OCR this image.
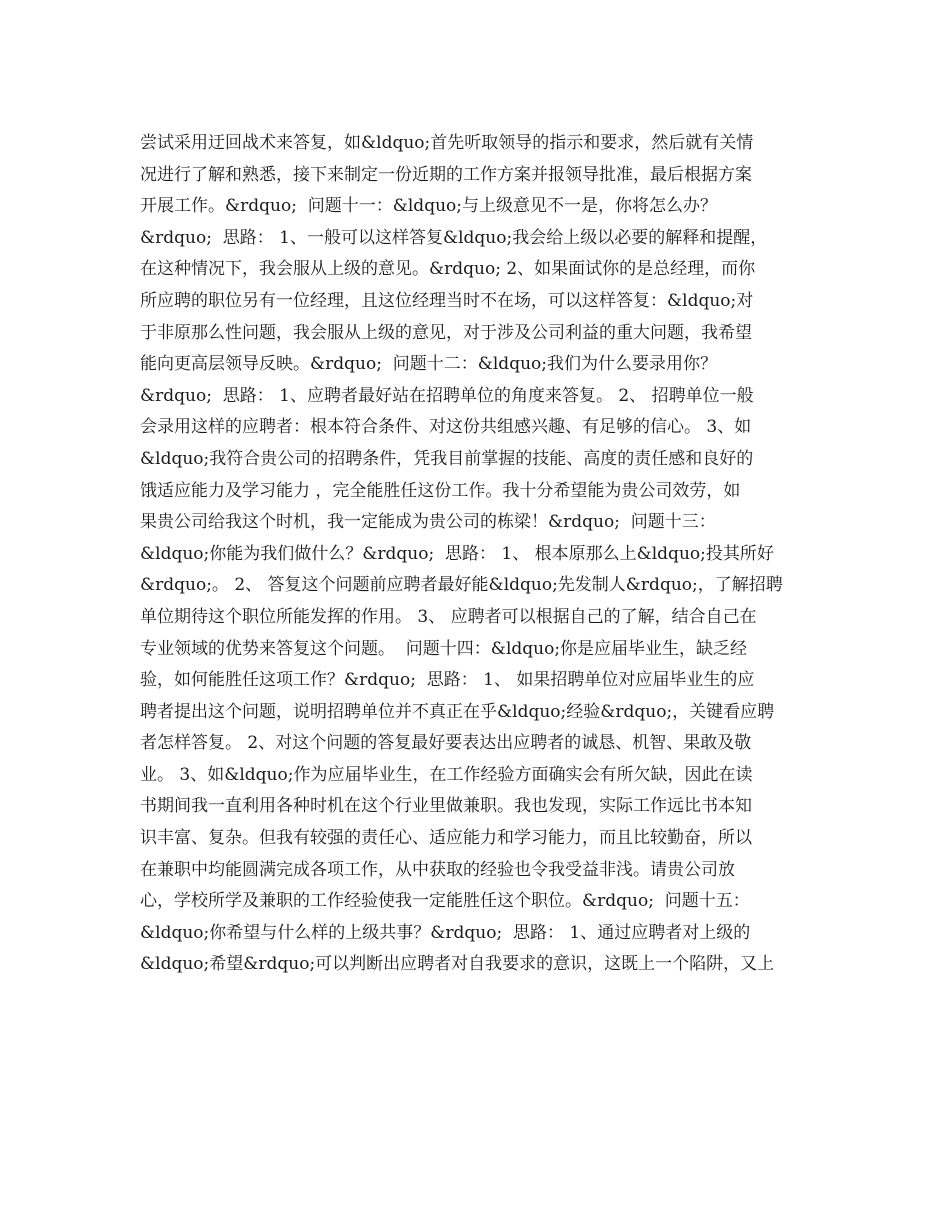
尝试采用迂回战术来答复，如&ldquo;首先听取领导的指示和要求，然后就有关情
况进行了解和熟悉，接下来制定一份近期的工作方案并报领导批准，最后根据方案
开展工作。&rdquo;  问题十一：&ldquo;与上级意见不一是，你将怎么办？
&rdquo;  思路： 1、一般可以这样答复&ldquo;我会给上级以必要的解释和提醒，
在这种情况下，我会服从上级的意见。&rdquo; 2、如果面试你的是总经理，而你
所应聘的职位另有一位经理，且这位经理当时不在场，可以这样答复：&ldquo;对
于非原那么性问题，我会服从上级的意见，对于涉及公司利益的重大问题，我希望
能向更高层领导反映。&rdquo;  问题十二：&ldquo;我们为什么要录用你？
&rdquo;  思路： 1、应聘者最好站在招聘单位的角度来答复。 2、 招聘单位一般
会录用这样的应聘者：根本符合条件、对这份共组感兴趣、有足够的信心。 3、如
&ldquo;我符合贵公司的招聘条件，凭我目前掌握的技能、高度的责任感和良好的
饿适应能力及学习能力 ，完全能胜任这份工作。我十分希望能为贵公司效劳，如
果贵公司给我这个时机，我一定能成为贵公司的栋梁！&rdquo;  问题十三：
&ldquo;你能为我们做什么？&rdquo;  思路： 1、 根本原那么上&ldquo;投其所好
&rdquo;。 2、 答复这个问题前应聘者最好能&ldquo;先发制人&rdquo;，了解招聘
单位期待这个职位所能发挥的作用。 3、 应聘者可以根据自己的了解，结合自己在
专业领域的优势来答复这个问题。  问题十四：&ldquo;你是应届毕业生，缺乏经
验，如何能胜任这项工作？&rdquo;  思路： 1、 如果招聘单位对应届毕业生的应
聘者提出这个问题，说明招聘单位并不真正在乎&ldquo;经验&rdquo;，关键看应聘
者怎样答复。 2、对这个问题的答复最好要表达出应聘者的诚恳、机智、果敢及敬
业。 3、如&ldquo;作为应届毕业生，在工作经验方面确实会有所欠缺，因此在读
书期间我一直利用各种时机在这个行业里做兼职。我也发现，实际工作远比书本知
识丰富、复杂。但我有较强的责任心、适应能力和学习能力，而且比较勤奋，所以
在兼职中均能圆满完成各项工作，从中获取的经验也令我受益非浅。请贵公司放
心，学校所学及兼职的工作经验使我一定能胜任这个职位。&rdquo;  问题十五：
&ldquo;你希望与什么样的上级共事？&rdquo;  思路： 1、通过应聘者对上级的
&ldquo;希望&rdquo;可以判断出应聘者对自我要求的意识，这既上一个陷阱，又上
